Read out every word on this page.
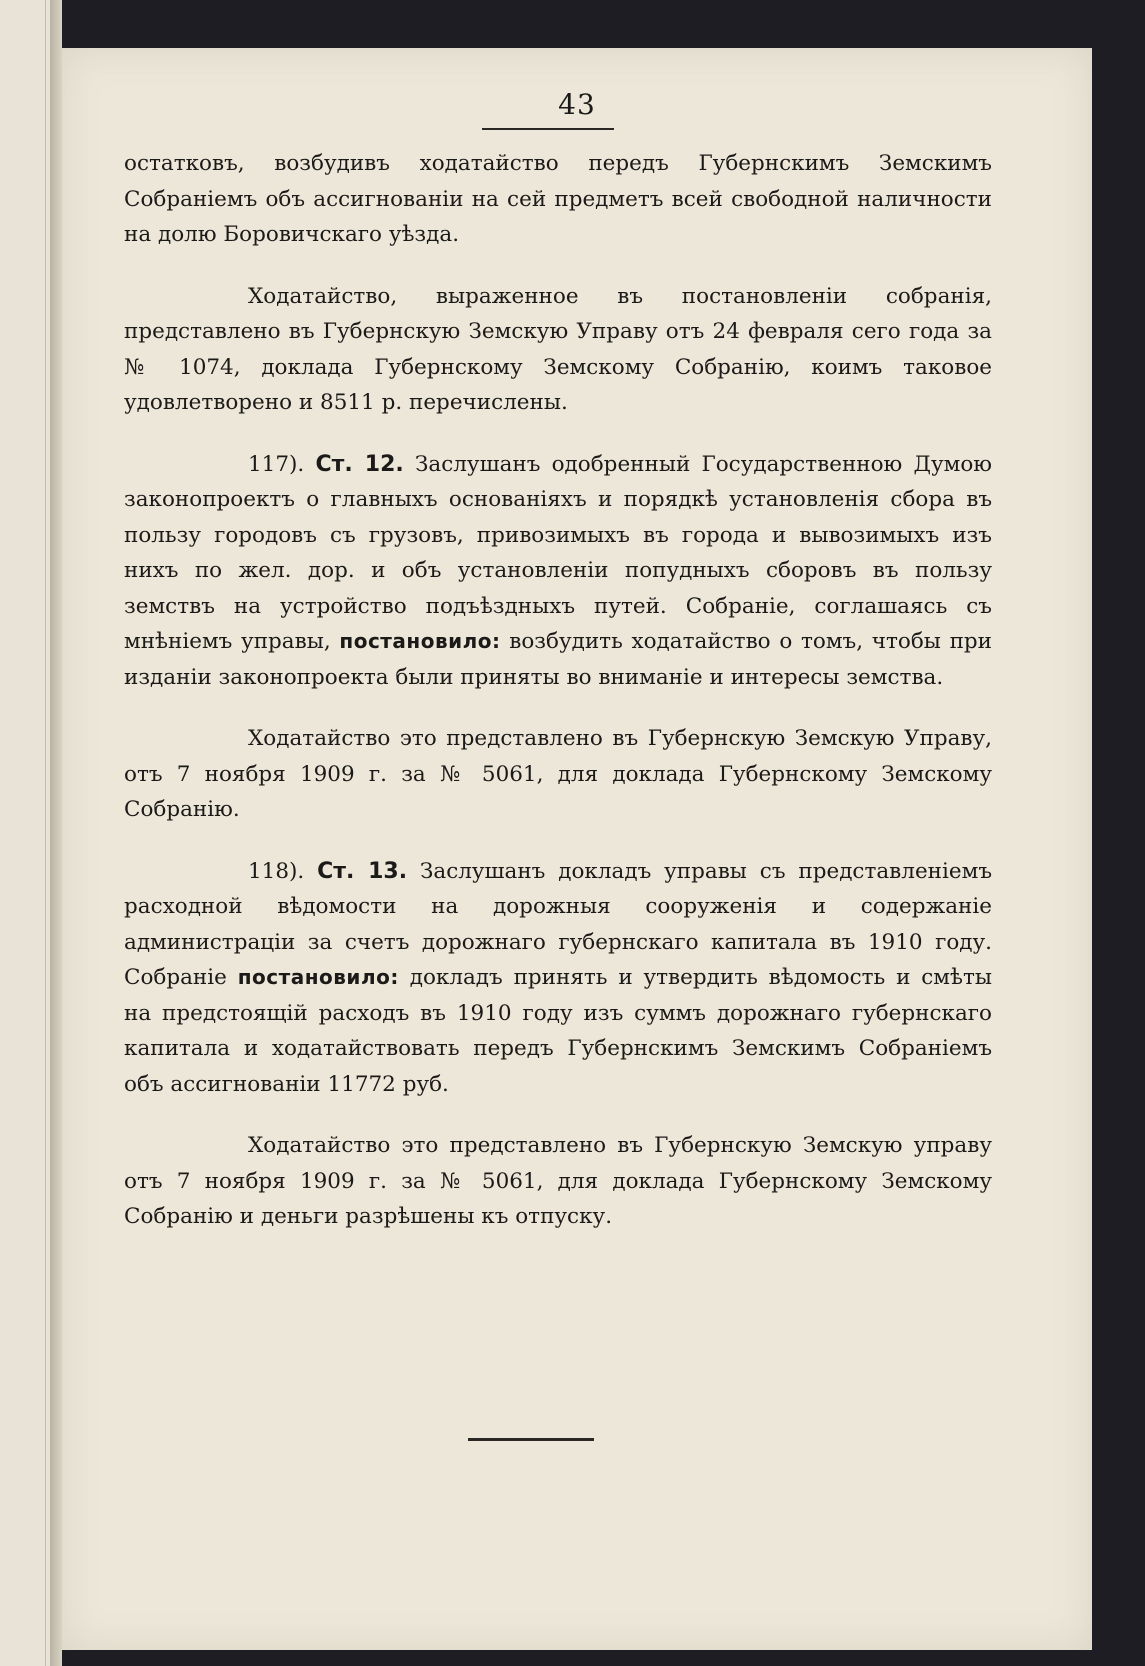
43

остатковъ, возбудивъ ходатайство передъ Губернскимъ Земскимъ Собраніемъ объ ассигнованіи на сей предметъ всей свободной наличности на долю Боровичскаго уѣзда.

Ходатайство, выраженное въ постановленіи собранія, представлено въ Губернскую Земскую Управу отъ 24 февраля сего года за № 1074, доклада Губернскому Земскому Собранію, коимъ таковое удовлетворено и 8511 р. перечислены.

117). Ст. 12. Заслушанъ одобренный Государственною Думою законопроектъ о главныхъ основаніяхъ и порядкѣ установленія сбора въ пользу городовъ съ грузовъ, привозимыхъ въ города и вывозимыхъ изъ нихъ по жел. дор. и объ установленіи попудныхъ сборовъ въ пользу земствъ на устройство подъѣздныхъ путей. Собраніе, соглашаясь съ мнѣніемъ управы, постановило: возбудить ходатайство о томъ, чтобы при изданіи законопроекта были приняты во вниманіе и интересы земства.

Ходатайство это представлено въ Губернскую Земскую Управу, отъ 7 ноября 1909 г. за № 5061, для доклада Губернскому Земскому Собранію.

118). Ст. 13. Заслушанъ докладъ управы съ представленіемъ расходной вѣдомости на дорожныя сооруженія и содержаніе администраціи за счетъ дорожнаго губернскаго капитала въ 1910 году. Собраніе постановило: докладъ принять и утвердить вѣдомость и смѣты на предстоящій расходъ въ 1910 году изъ суммъ дорожнаго губернскаго капитала и ходатайствовать передъ Губернскимъ Земскимъ Собраніемъ объ ассигнованіи 11772 руб.

Ходатайство это представлено въ Губернскую Земскую управу отъ 7 ноября 1909 г. за № 5061, для доклада Губернскому Земскому Собранію и деньги разрѣшены къ отпуску.
